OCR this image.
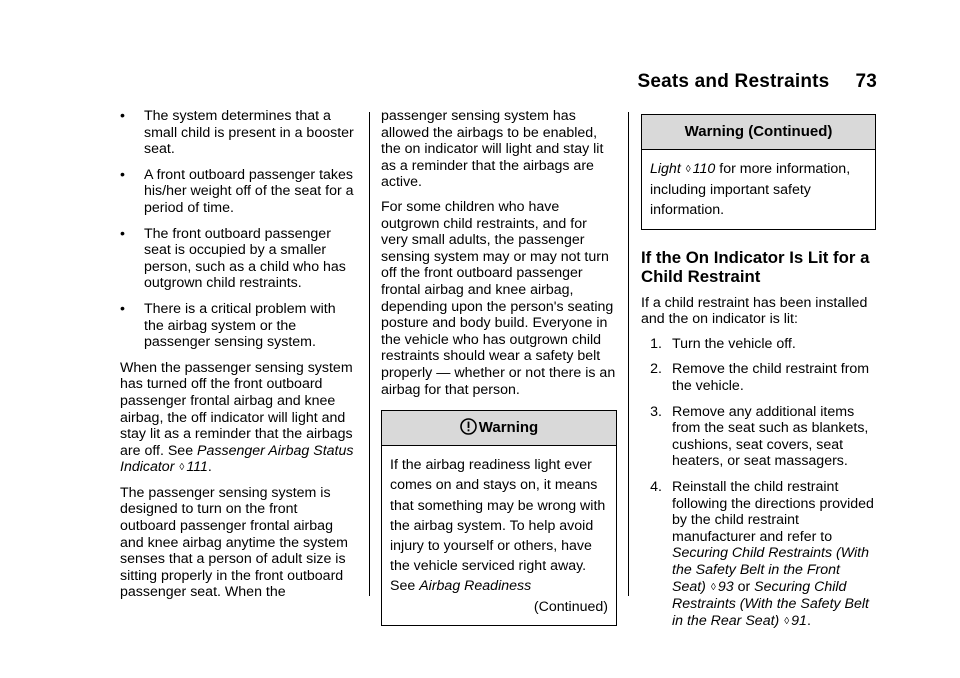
Seats and Restraints 73
•	The system determines that a small child is present in a booster seat.
•	A front outboard passenger takes his/her weight off of the seat for a period of time.
•	The front outboard passenger seat is occupied by a smaller person, such as a child who has outgrown child restraints.
•	There is a critical problem with the airbag system or the passenger sensing system.

When the passenger sensing system has turned off the front outboard passenger frontal airbag and knee airbag, the off indicator will light and stay lit as a reminder that the airbags are off. See Passenger Airbag Status Indicator ◊ 111.

The passenger sensing system is designed to turn on the front outboard passenger frontal airbag and knee airbag anytime the system senses that a person of adult size is sitting properly in the front outboard passenger seat. When the

passenger sensing system has allowed the airbags to be enabled, the on indicator will light and stay lit as a reminder that the airbags are active.

For some children who have outgrown child restraints, and for very small adults, the passenger sensing system may or may not turn off the front outboard passenger frontal airbag and knee airbag, depending upon the person's seating posture and body build. Everyone in the vehicle who has outgrown child restraints should wear a safety belt properly — whether or not there is an airbag for that person.

Warning
If the airbag readiness light ever comes on and stays on, it means that something may be wrong with the airbag system. To help avoid injury to yourself or others, have the vehicle serviced right away. See Airbag Readiness
(Continued)
Warning (Continued)
Light ◊ 110 for more information, including important safety information.
If the On Indicator Is Lit for a Child Restraint

If a child restraint has been installed and the on indicator is lit:

1. Turn the vehicle off.
2. Remove the child restraint from the vehicle.
3. Remove any additional items from the seat such as blankets, cushions, seat covers, seat heaters, or seat massagers.
4. Reinstall the child restraint following the directions provided by the child restraint manufacturer and refer to Securing Child Restraints (With the Safety Belt in the Front Seat) ◊ 93 or Securing Child Restraints (With the Safety Belt in the Rear Seat) ◊ 91.
